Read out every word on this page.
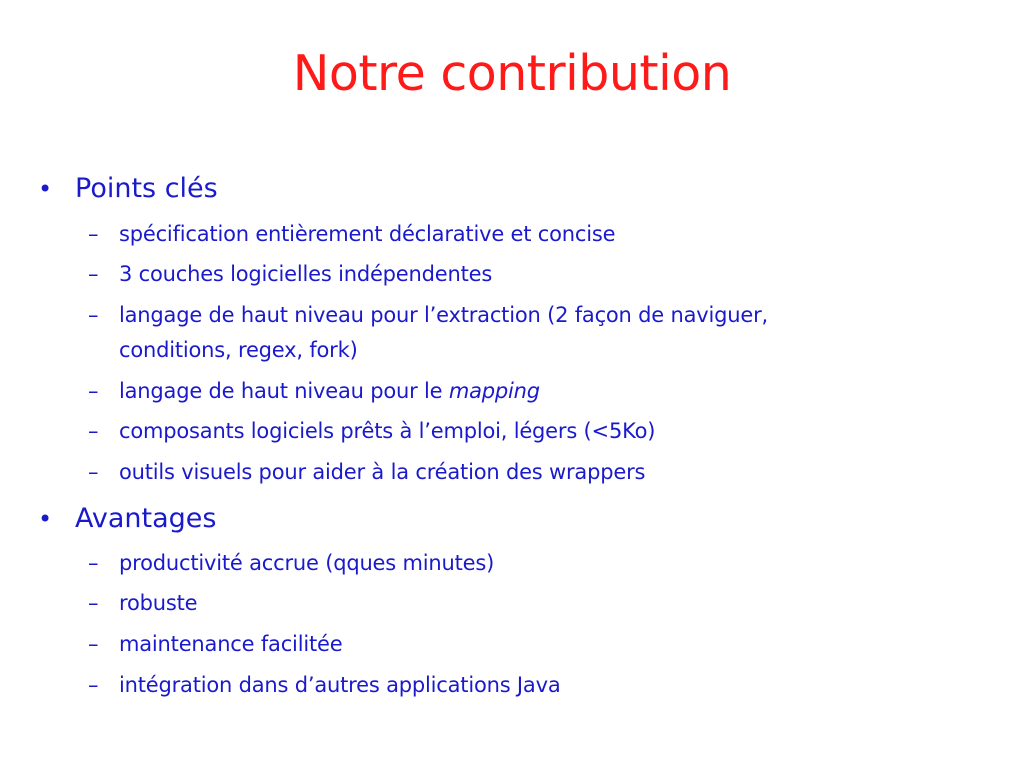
Notre contribution
• Points clés
– spécification entièrement déclarative et concise
– 3 couches logicielles indépendentes
– langage de haut niveau pour l’extraction (2 façon de naviguer,
conditions, regex, fork)
– langage de haut niveau pour le mapping
– composants logiciels prêts à l’emploi, légers (<5Ko)
– outils visuels pour aider à la création des wrappers
• Avantages
– productivité accrue (qques minutes)
– robuste
– maintenance facilitée
– intégration dans d’autres applications Java
